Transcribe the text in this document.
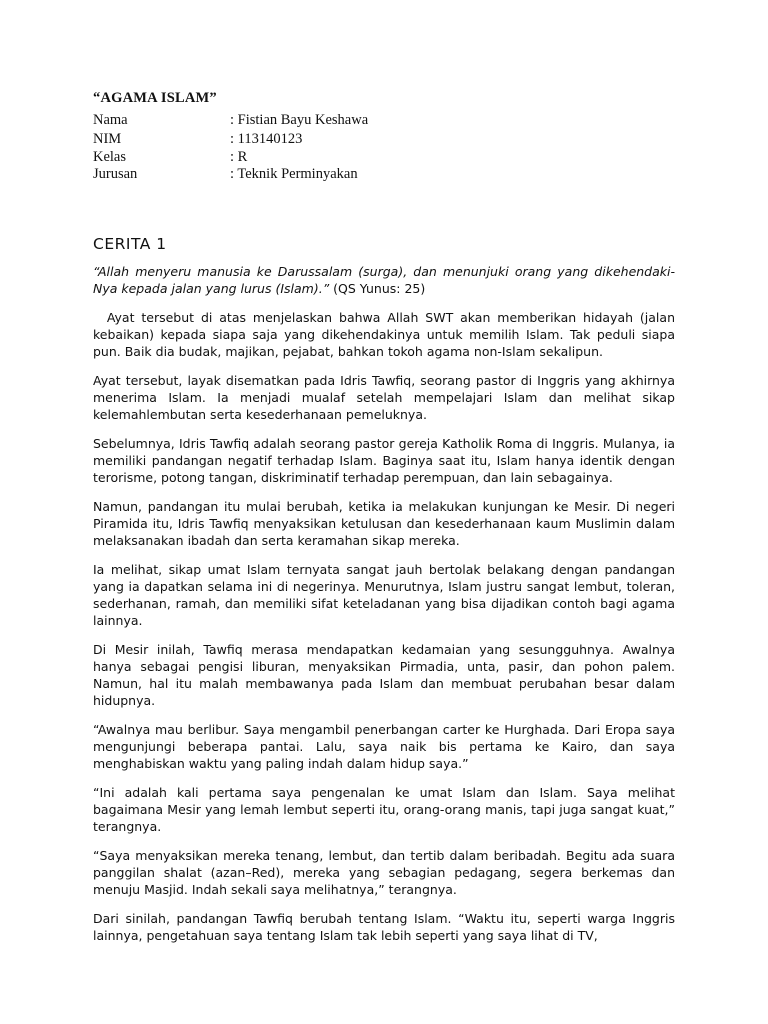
“AGAMA ISLAM”
Nama	: Fistian Bayu Keshawa
NIM	: 113140123
Kelas	: R
Jurusan	: Teknik Perminyakan
CERITA 1

“Allah menyeru manusia ke Darussalam (surga), dan menunjuki orang yang dikehendaki-Nya kepada jalan yang lurus (Islam).” (QS Yunus: 25)

Ayat tersebut di atas menjelaskan bahwa Allah SWT akan memberikan hidayah (jalan kebaikan) kepada siapa saja yang dikehendakinya untuk memilih Islam. Tak peduli siapa pun. Baik dia budak, majikan, pejabat, bahkan tokoh agama non-Islam sekalipun.

Ayat tersebut, layak disematkan pada Idris Tawfiq, seorang pastor di Inggris yang akhirnya menerima Islam. Ia menjadi mualaf setelah mempelajari Islam dan melihat sikap kelemahlembutan serta kesederhanaan pemeluknya.

Sebelumnya, Idris Tawfiq adalah seorang pastor gereja Katholik Roma di Inggris. Mulanya, ia memiliki pandangan negatif terhadap Islam. Baginya saat itu, Islam hanya identik dengan terorisme, potong tangan, diskriminatif terhadap perempuan, dan lain sebagainya.

Namun, pandangan itu mulai berubah, ketika ia melakukan kunjungan ke Mesir. Di negeri Piramida itu, Idris Tawfiq menyaksikan ketulusan dan kesederhanaan kaum Muslimin dalam melaksanakan ibadah dan serta keramahan sikap mereka.

Ia melihat, sikap umat Islam ternyata sangat jauh bertolak belakang dengan pandangan yang ia dapatkan selama ini di negerinya. Menurutnya, Islam justru sangat lembut, toleran, sederhanan, ramah, dan memiliki sifat keteladanan yang bisa dijadikan contoh bagi agama lainnya.

Di Mesir inilah, Tawfiq merasa mendapatkan kedamaian yang sesungguhnya. Awalnya hanya sebagai pengisi liburan, menyaksikan Pirmadia, unta, pasir, dan pohon palem. Namun, hal itu malah membawanya pada Islam dan membuat perubahan besar dalam hidupnya.

“Awalnya mau berlibur. Saya mengambil penerbangan carter ke Hurghada. Dari Eropa saya mengunjungi beberapa pantai. Lalu, saya naik bis pertama ke Kairo, dan saya menghabiskan waktu yang paling indah dalam hidup saya.”

“Ini adalah kali pertama saya pengenalan ke umat Islam dan Islam. Saya melihat bagaimana Mesir yang lemah lembut seperti itu, orang-orang manis, tapi juga sangat kuat,” terangnya.

“Saya menyaksikan mereka tenang, lembut, dan tertib dalam beribadah. Begitu ada suara panggilan shalat (azan–Red), mereka yang sebagian pedagang, segera berkemas dan menuju Masjid. Indah sekali saya melihatnya,” terangnya.

Dari sinilah, pandangan Tawfiq berubah tentang Islam. “Waktu itu, seperti warga Inggris lainnya, pengetahuan saya tentang Islam tak lebih seperti yang saya lihat di TV,
